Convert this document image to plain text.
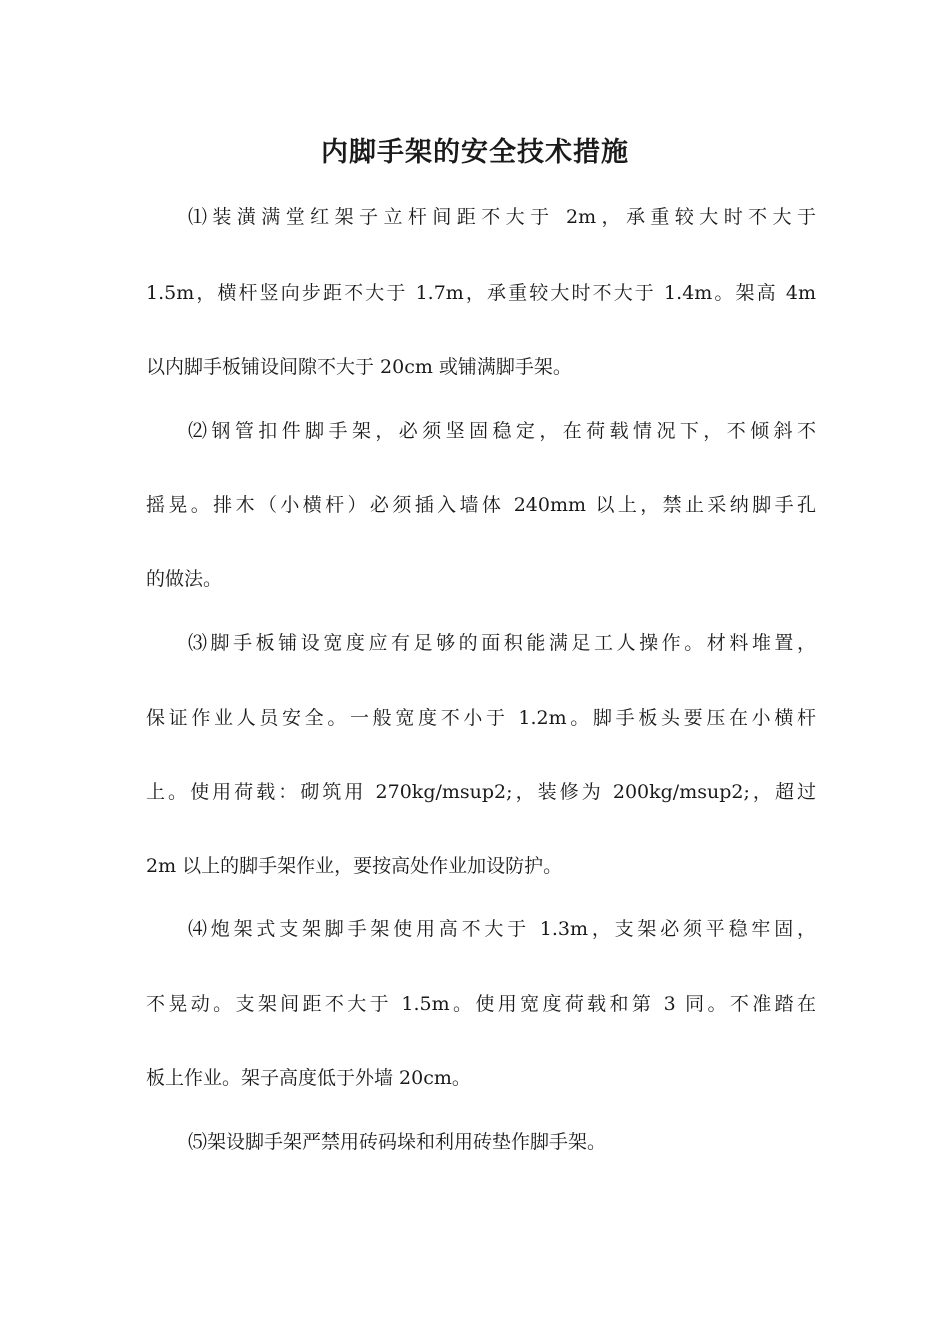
内脚手架的安全技术措施

⑴装潢满堂红架子立杆间距不大于 2m，承重较大时不大于

1.5m，横杆竖向步距不大于 1.7m，承重较大时不大于 1.4m。架高 4m

以内脚手板铺设间隙不大于 20cm 或铺满脚手架。

⑵钢管扣件脚手架，必须坚固稳定，在荷载情况下，不倾斜不

摇晃。排木（小横杆）必须插入墙体 240mm 以上，禁止采纳脚手孔

的做法。

⑶脚手板铺设宽度应有足够的面积能满足工人操作。材料堆置，

保证作业人员安全。一般宽度不小于 1.2m。脚手板头要压在小横杆

上。使用荷载：砌筑用 270kg/msup2;，装修为 200kg/msup2;，超过

2m 以上的脚手架作业，要按高处作业加设防护。

⑷炮架式支架脚手架使用高不大于 1.3m，支架必须平稳牢固，

不晃动。支架间距不大于 1.5m。使用宽度荷载和第 3 同。不准踏在

板上作业。架子高度低于外墙 20cm。

⑸架设脚手架严禁用砖码垛和利用砖垫作脚手架。
